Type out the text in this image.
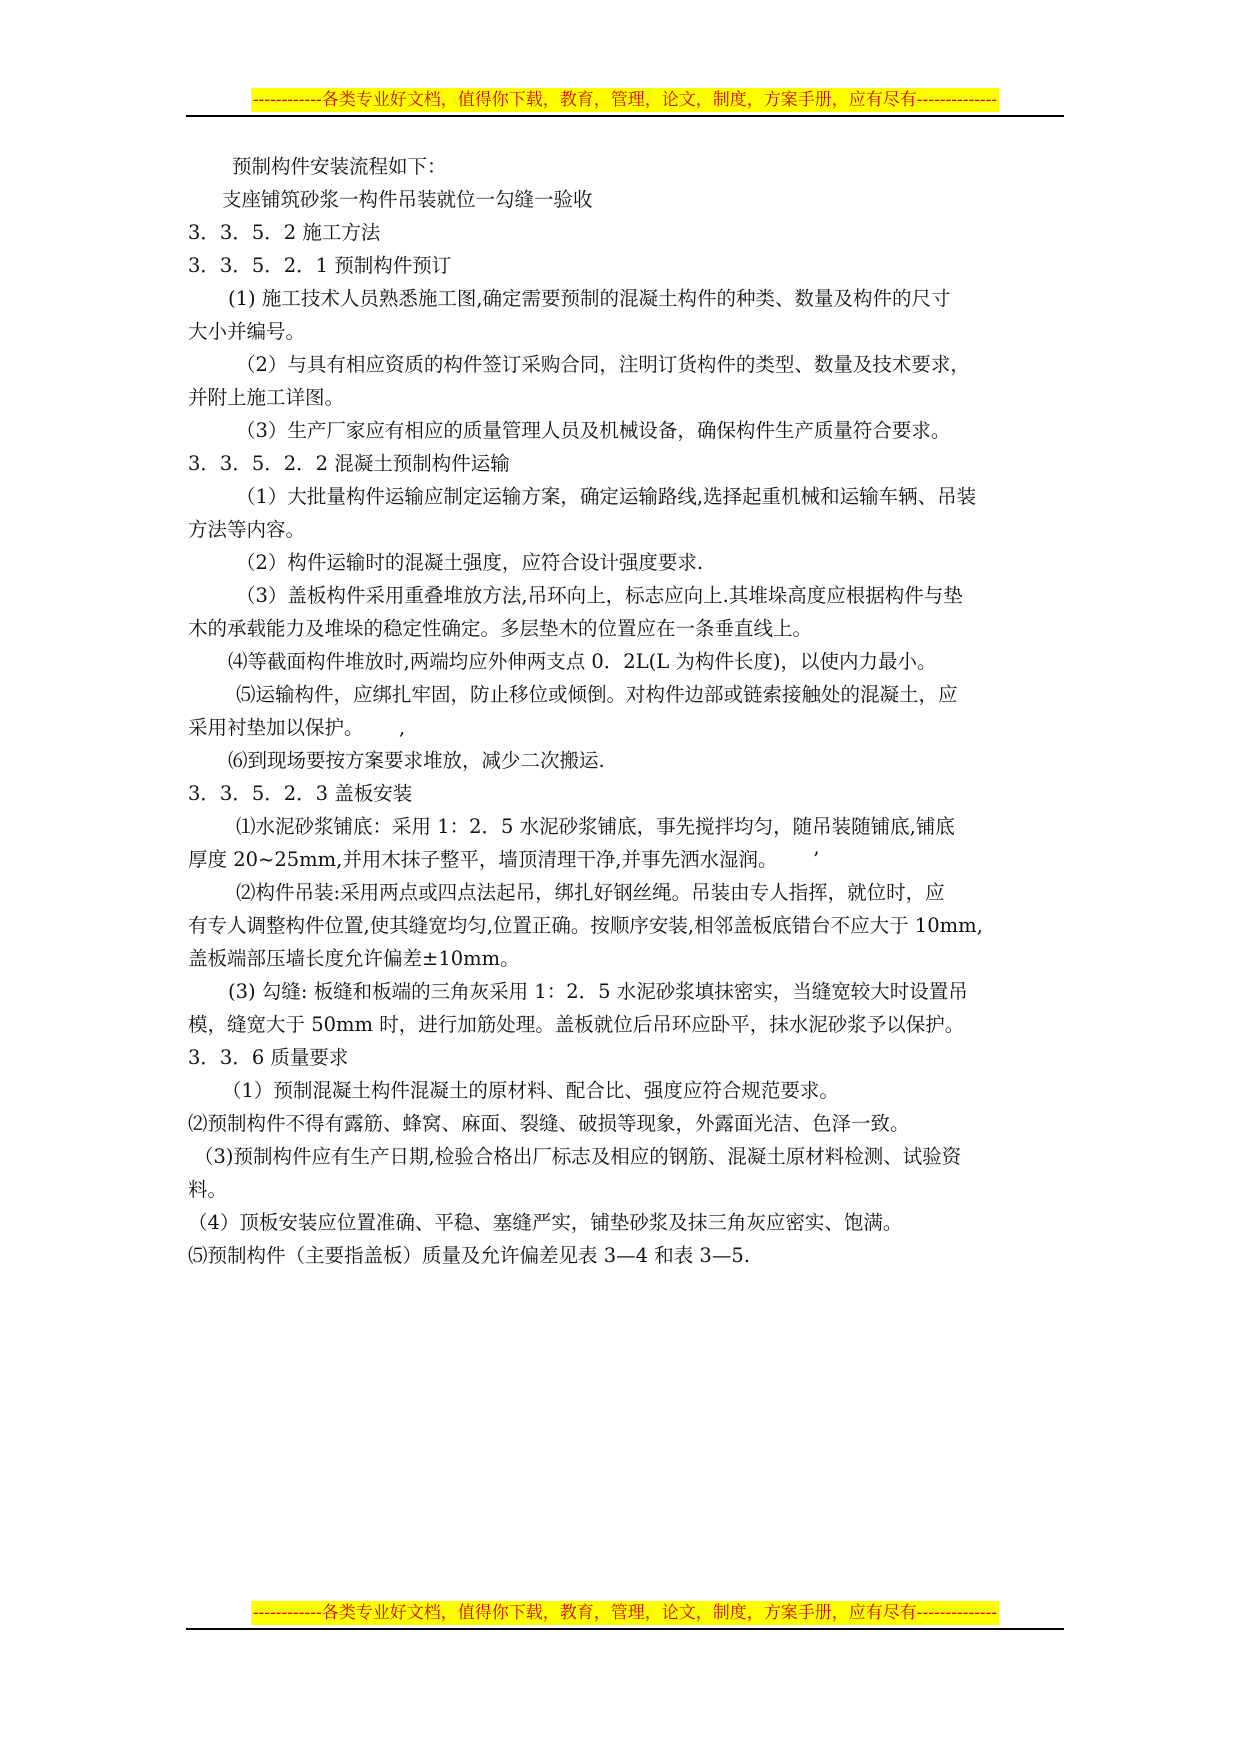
------------各类专业好文档，值得你下载，教育，管理，论文，制度，方案手册，应有尽有--------------
预制构件安装流程如下：
支座铺筑砂浆一构件吊装就位一勾缝一验收
3．3．5．2 施工方法
3．3．5．2．1 预制构件预订
(1) 施工技术人员熟悉施工图,确定需要预制的混凝土构件的种类、数量及构件的尺寸
大小并编号。
（2）与具有相应资质的构件签订采购合同，注明订货构件的类型、数量及技术要求，
并附上施工详图。
（3）生产厂家应有相应的质量管理人员及机械设备，确保构件生产质量符合要求。
3．3．5．2．2 混凝土预制构件运输
（1）大批量构件运输应制定运输方案，确定运输路线,选择起重机械和运输车辆、吊装
方法等内容。
（2）构件运输时的混凝土强度，应符合设计强度要求.
（3）盖板构件采用重叠堆放方法,吊环向上，标志应向上.其堆垛高度应根据构件与垫
木的承载能力及堆垛的稳定性确定。多层垫木的位置应在一条垂直线上。
⑷等截面构件堆放时,两端均应外伸两支点 0．2L(L 为构件长度)，以使内力最小。
⑸运输构件，应绑扎牢固，防止移位或倾倒。对构件边部或链索接触处的混凝土，应
采用衬垫加以保护。　　 ,
⑹到现场要按方案要求堆放，减少二次搬运.
3．3．5．2．3 盖板安装
⑴水泥砂浆铺底：采用 1：2．5 水泥砂浆铺底，事先搅拌均匀，随吊装随铺底,铺底
厚度 20~25mm,并用木抹子整平，墙顶清理干净,并事先洒水湿润。　　 ’
⑵构件吊装:采用两点或四点法起吊，绑扎好钢丝绳。吊装由专人指挥，就位时，应
有专人调整构件位置,使其缝宽均匀,位置正确。按顺序安装,相邻盖板底错台不应大于 10mm,
盖板端部压墙长度允许偏差±10mm。
(3) 勾缝: 板缝和板端的三角灰采用 1：2．5 水泥砂浆填抹密实，当缝宽较大时设置吊
模，缝宽大于 50mm 时，进行加筋处理。盖板就位后吊环应卧平，抹水泥砂浆予以保护。
3．3．6 质量要求
（1）预制混凝土构件混凝土的原材料、配合比、强度应符合规范要求。
⑵预制构件不得有露筋、蜂窝、麻面、裂缝、破损等现象，外露面光洁、色泽一致。
（3)预制构件应有生产日期,检验合格出厂标志及相应的钢筋、混凝土原材料检测、试验资
料。
（4）顶板安装应位置准确、平稳、塞缝严实，铺垫砂浆及抹三角灰应密实、饱满。
⑸预制构件（主要指盖板）质量及允许偏差见表 3—4 和表 3—5.
------------各类专业好文档，值得你下载，教育，管理，论文，制度，方案手册，应有尽有--------------
